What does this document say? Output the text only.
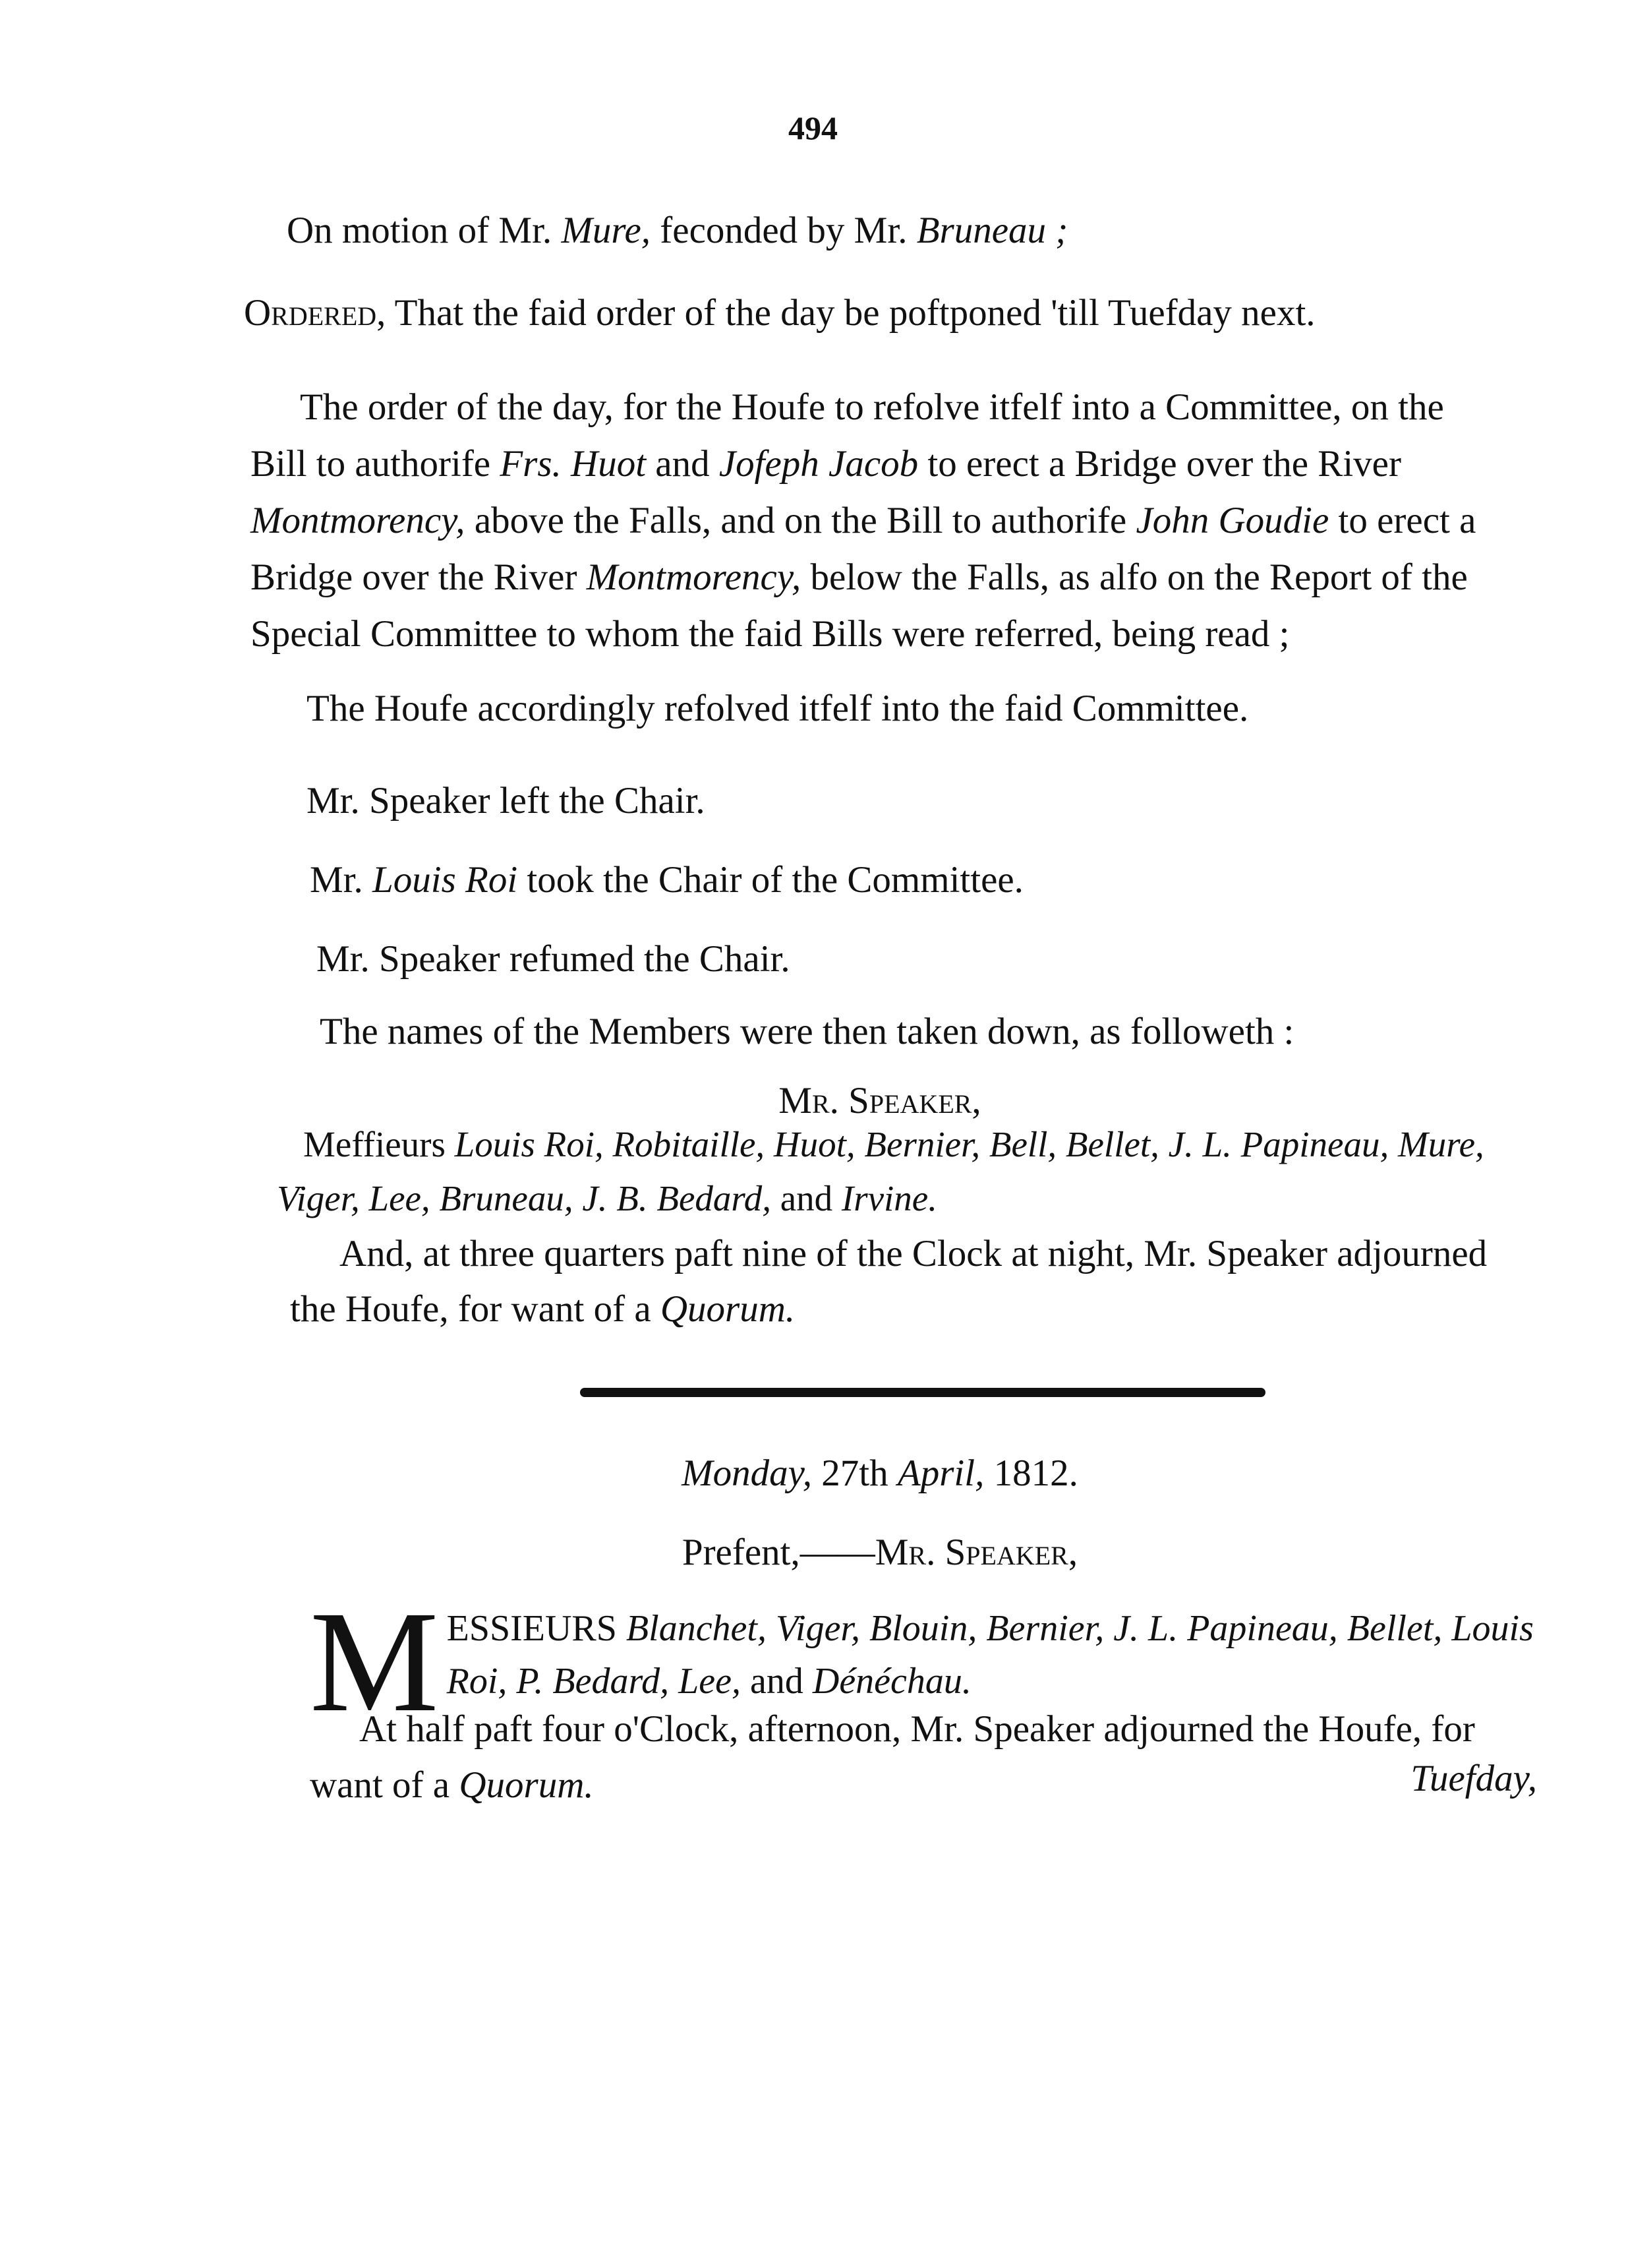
494
On motion of Mr. Mure, feconded by Mr. Bruneau ;
Ordered, That the faid order of the day be poftponed 'till Tuefday next.
The order of the day, for the Houfe to refolve itfelf into a Committee, on the Bill to authorife Frs. Huot and Jofeph Jacob to erect a Bridge over the River Montmorency, above the Falls, and on the Bill to authorife John Goudie to erect a Bridge over the River Montmorency, below the Falls, as alfo on the Report of the Special Committee to whom the faid Bills were referred, being read ;
The Houfe accordingly refolved itfelf into the faid Committee.
Mr. Speaker left the Chair.
Mr. Louis Roi took the Chair of the Committee.
Mr. Speaker refumed the Chair.
The names of the Members were then taken down, as followeth :
Mr. Speaker,
Meffieurs Louis Roi, Robitaille, Huot, Bernier, Bell, Bellet, J. L. Papineau, Mure, Viger, Lee, Bruneau, J. B. Bedard, and Irvine.
And, at three quarters paft nine of the Clock at night, Mr. Speaker adjourned the Houfe, for want of a Quorum.
Monday, 27th April, 1812.
Prefent,——Mr. Speaker,
M ESSIEURS Blanchet, Viger, Blouin, Bernier, J. L. Papineau, Bellet, Louis Roi, P. Bedard, Lee, and Dénéchau.
At half paft four o'Clock, afternoon, Mr. Speaker adjourned the Houfe, for want of a Quorum.	Tuefday,
